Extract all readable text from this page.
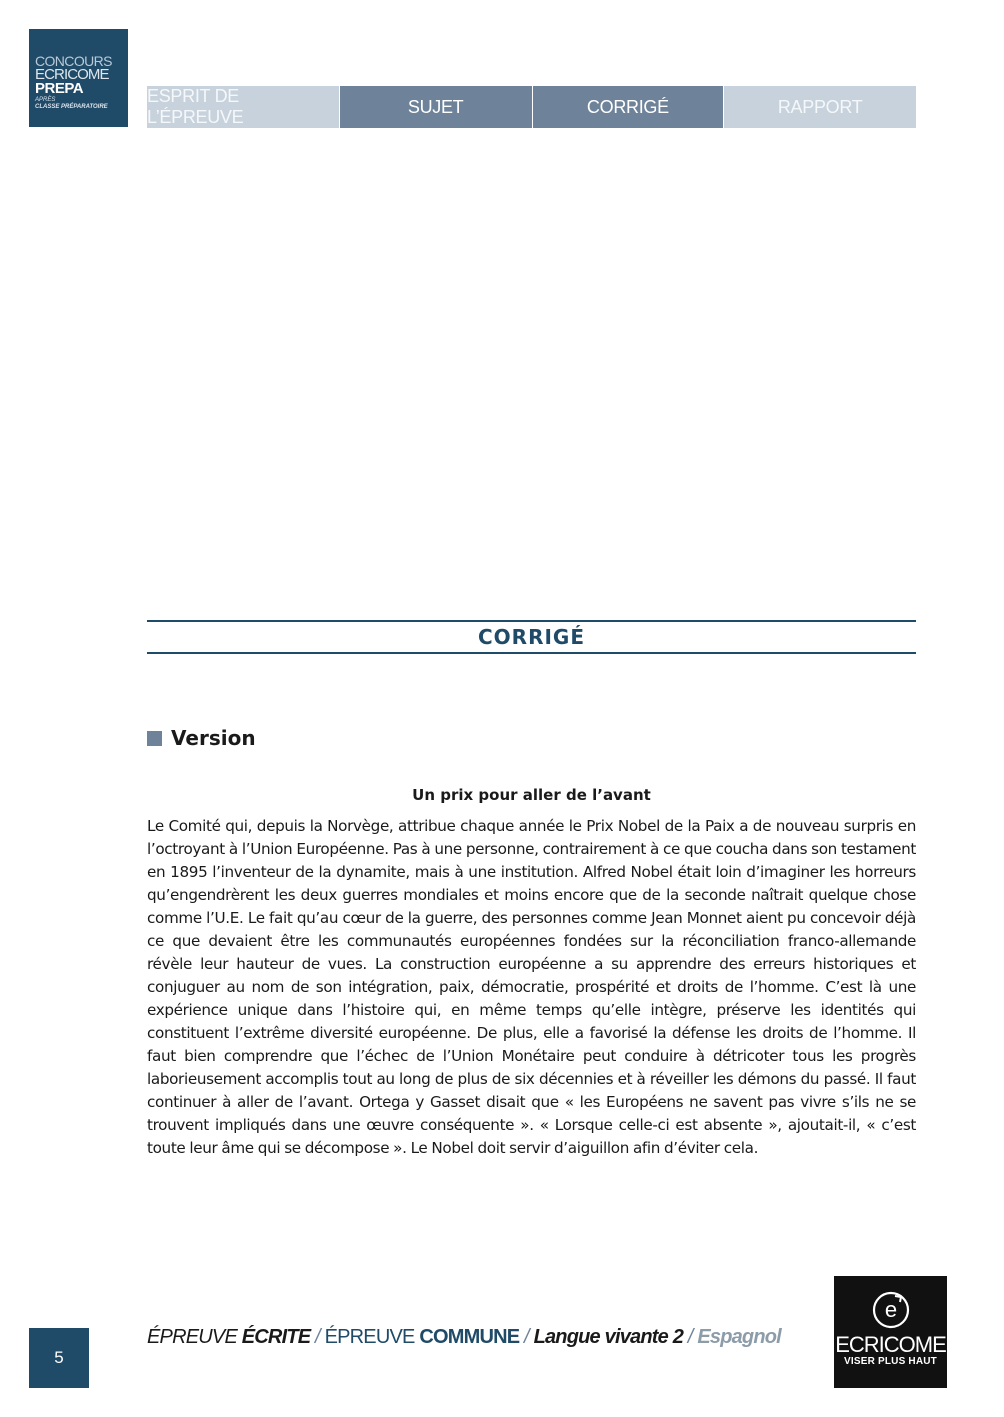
CONCOURS
ECRICOME
PREPA
APRÈS
CLASSE PRÉPARATOIRE
ESPRIT DE L’ÉPREUVE
SUJET	CORRIGÉ	RAPPORT
CORRIGÉ
Version
Un prix pour aller de l’avant

Le Comité qui, depuis la Norvège, attribue chaque année le Prix Nobel de la Paix a de nouveau surpris en l’octroyant à l’Union Européenne. Pas à une personne, contrairement à ce que coucha dans son testament en 1895 l’inventeur de la dynamite, mais à une institution. Alfred Nobel était loin d’imaginer les horreurs qu’engendrèrent les deux guerres mondiales et moins encore que de la seconde naîtrait quelque chose comme l’U.E. Le fait qu’au cœur de la guerre, des personnes comme Jean Monnet aient pu concevoir déjà ce que devaient être les communautés européennes fondées sur la réconciliation franco-allemande révèle leur hauteur de vues. La construction européenne a su apprendre des erreurs historiques et conjuguer au nom de son intégration, paix, démocratie, prospérité et droits de l’homme. C’est là une expérience unique dans l’histoire qui, en même temps qu’elle intègre, préserve les identités qui constituent l’extrême diversité européenne. De plus, elle a favorisé la défense les droits de l’homme. Il faut bien comprendre que l’échec de l’Union Monétaire peut conduire à détricoter tous les progrès laborieusement accomplis tout au long de plus de six décennies et à réveiller les démons du passé. Il faut continuer à aller de l’avant. Ortega y Gasset disait que « les Européens ne savent pas vivre s’ils ne se trouvent impliqués dans une œuvre conséquente ». « Lorsque celle-ci est absente », ajoutait-il, « c’est toute leur âme qui se décompose ». Le Nobel doit servir d’aiguillon afin d’éviter cela.

5
ÉPREUVE ÉCRITE / ÉPREUVE COMMUNE / Langue vivante 2 / Espagnol
e
ECRICOME
VISER PLUS HAUT
